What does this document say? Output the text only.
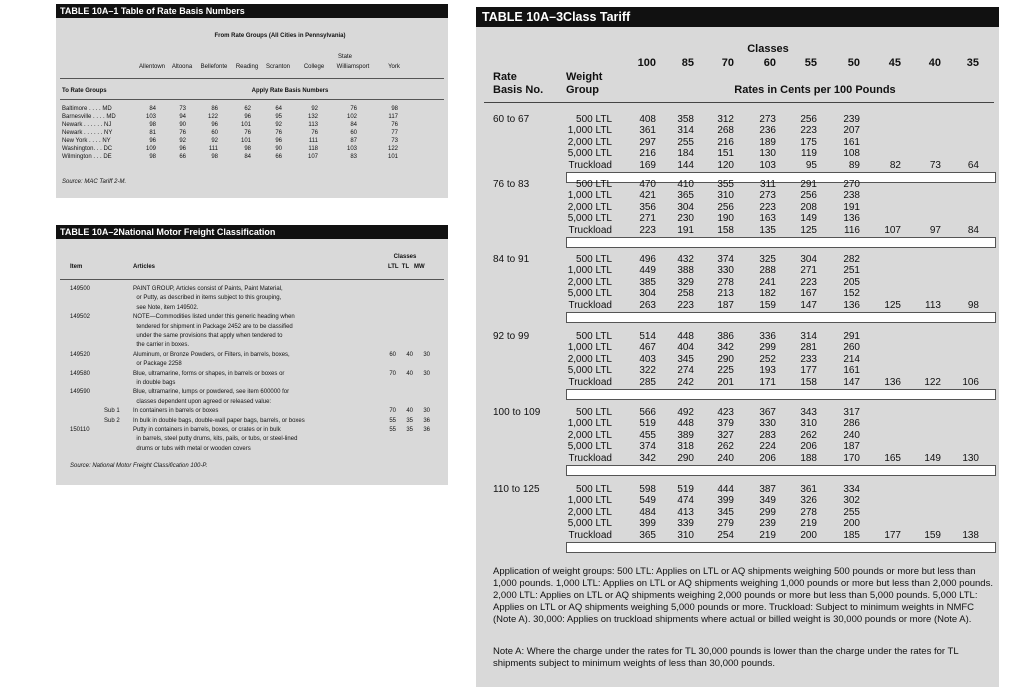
TABLE 10A–1 Table of Rate Basis Numbers
From Rate Groups (All Cities in Pennsylvania)
State
Allentown	Altoona	Bellefonte	Reading	Scranton	College	Williamsport	York
To Rate Groups	Apply Rate Basis Numbers
Baltimore . . . . MD	84	73	86	62	64	92	76	98
Barnesville . . . . MD	103	94	122	96	95	132	102	117
Newark . . . . . . NJ	98	90	96	101	92	113	84	76
Newark . . . . . . NY	81	76	60	76	76	76	60	77
New York . . . . NY	96	92	92	101	96	111	87	73
Washington. . . DC	109	96	111	98	90	118	103	122
Wilmington . . . DE	98	66	98	84	66	107	83	101
Source: MAC Tariff 2-M.
TABLE 10A–2National Motor Freight Classification
Classes
Item	Articles	LTL  TL   MW
149500	PAINT GROUP, Articles consist of Paints, Paint Material,
or Putty, as described in items subject to this grouping,
see Note, item 149502.
149502	NOTE—Commodities listed under this generic heading when
tendered for shipment in Package 2452 are to be classified
under the same provisions that apply when tendered to
the carrier in boxes.
149520	Aluminum, or Bronze Powders, or Filters, in barrels, boxes,	60	40	30
or Package 2258
149580	Blue, ultramarine, forms or shapes, in barrels or boxes or	70	40	30
in double bags
149590	Blue, ultramarine, lumps or powdered, see item 600000 for
classes dependent upon agreed or released value:
Sub 1 In containers in barrels or boxes	70	40	30
Sub 2 In bulk in double bags, double-wall paper bags, barrels, or boxes	55	35	36
150110	Putty in containers in barrels, boxes, or crates or in bulk	55	35	36
in barrels, steel putty drums, kits, pails, or tubs, or steel-lined
drums or tubs with metal or wooden covers
Source: National Motor Freight Classification 100-P.
TABLE 10A–3Class Tariff
Rate
Basis No.
Weight
Group
Classes
100	85	70	60	55	50	45	40	35
Rates in Cents per 100 Pounds
60 to 67	500 LTL	408	358	312	273	256	239
1,000 LTL	361	314	268	236	223	207
2,000 LTL	297	255	216	189	175	161
5,000 LTL	216	184	151	130	119	108
Truckload	169	144	120	103	95	89	82	73	64
76 to 83	500 LTL	470	410	355	311	291	270
1,000 LTL	421	365	310	273	256	238
2,000 LTL	356	304	256	223	208	191
5,000 LTL	271	230	190	163	149	136
Truckload	223	191	158	135	125	116	107	97	84
84 to 91	500 LTL	496	432	374	325	304	282
1,000 LTL	449	388	330	288	271	251
2,000 LTL	385	329	278	241	223	205
5,000 LTL	304	258	213	182	167	152
Truckload	263	223	187	159	147	136	125	113	98
92 to 99	500 LTL	514	448	386	336	314	291
1,000 LTL	467	404	342	299	281	260
2,000 LTL	403	345	290	252	233	214
5,000 LTL	322	274	225	193	177	161
Truckload	285	242	201	171	158	147	136	122	106
100 to 109	500 LTL	566	492	423	367	343	317
1,000 LTL	519	448	379	330	310	286
2,000 LTL	455	389	327	283	262	240
5,000 LTL	374	318	262	224	206	187
Truckload	342	290	240	206	188	170	165	149	130
110 to 125	500 LTL	598	519	444	387	361	334
1,000 LTL	549	474	399	349	326	302
2,000 LTL	484	413	345	299	278	255
5,000 LTL	399	339	279	239	219	200
Truckload	365	310	254	219	200	185	177	159	138
Application of weight groups: 500 LTL: Applies on LTL or AQ shipments weighing 500 pounds or more but less than 1,000 pounds. 1,000 LTL: Applies on LTL or AQ shipments weighing 1,000 pounds or more but less than 2,000 pounds. 2,000 LTL: Applies on LTL or AQ shipments weighing 2,000 pounds or more but less than 5,000 pounds. 5,000 LTL: Applies on LTL or AQ shipments weighing 5,000 pounds or more. Truckload: Subject to minimum weights in NMFC (Note A). 30,000: Applies on truckload shipments where actual or billed weight is 30,000 pounds or more (Note A).
Note A: Where the charge under the rates for TL 30,000 pounds is lower than the charge under the rates for TL shipments subject to minimum weights of less than 30,000 pounds.
